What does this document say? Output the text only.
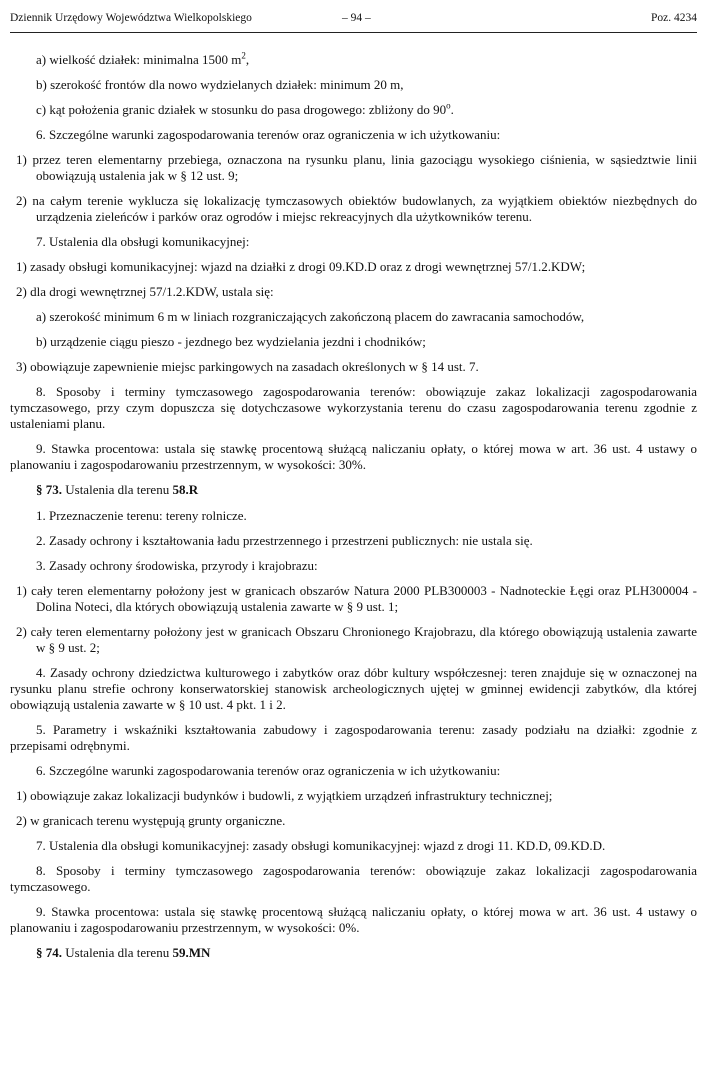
Dziennik Urzędowy Województwa Wielkopolskiego	– 94 –	Poz. 4234

a) wielkość działek: minimalna 1500 $m^2$,

b) szerokość frontów dla nowo wydzielanych działek: minimum 20 m,

c) kąt położenia granic działek w stosunku do pasa drogowego: zbliżony do 90$^o$.

6. Szczególne warunki zagospodarowania terenów oraz ograniczenia w ich użytkowaniu:

1) przez teren elementarny przebiega, oznaczona na rysunku planu, linia gazociągu wysokiego ciśnienia, w sąsiedztwie linii obowiązują ustalenia jak w § 12 ust. 9;

2) na całym terenie wyklucza się lokalizację tymczasowych obiektów budowlanych, za wyjątkiem obiektów niezbędnych do urządzenia zieleńców i parków oraz ogrodów i miejsc rekreacyjnych dla użytkowników terenu.

7. Ustalenia dla obsługi komunikacyjnej:

1) zasady obsługi komunikacyjnej: wjazd na działki z drogi 09.KD.D oraz z drogi wewnętrznej 57/1.2.KDW;

2) dla drogi wewnętrznej 57/1.2.KDW, ustala się:

a) szerokość minimum 6 m w liniach rozgraniczających zakończoną placem do zawracania samochodów,

b) urządzenie ciągu pieszo - jezdnego bez wydzielania jezdni i chodników;

3) obowiązuje zapewnienie miejsc parkingowych na zasadach określonych w § 14 ust. 7.

8. Sposoby i terminy tymczasowego zagospodarowania terenów: obowiązuje zakaz lokalizacji zagospodarowania tymczasowego, przy czym dopuszcza się dotychczasowe wykorzystania terenu do czasu zagospodarowania terenu zgodnie z ustaleniami planu.

9. Stawka procentowa: ustala się stawkę procentową służącą naliczaniu opłaty, o której mowa w art. 36 ust. 4 ustawy o planowaniu i zagospodarowaniu przestrzennym, w wysokości: 30%.

§ 73. Ustalenia dla terenu 58.R

1. Przeznaczenie terenu: tereny rolnicze.

2. Zasady ochrony i kształtowania ładu przestrzennego i przestrzeni publicznych: nie ustala się.

3. Zasady ochrony środowiska, przyrody i krajobrazu:

1) cały teren elementarny położony jest w granicach obszarów Natura 2000 PLB300003 - Nadnoteckie Łęgi oraz PLH300004 - Dolina Noteci, dla których obowiązują ustalenia zawarte w § 9 ust. 1;

2) cały teren elementarny położony jest w granicach Obszaru Chronionego Krajobrazu, dla którego obowiązują ustalenia zawarte w § 9 ust. 2;

4. Zasady ochrony dziedzictwa kulturowego i zabytków oraz dóbr kultury współczesnej: teren znajduje się w oznaczonej na rysunku planu strefie ochrony konserwatorskiej stanowisk archeologicznych ujętej w gminnej ewidencji zabytków, dla której obowiązują ustalenia zawarte w § 10 ust. 4 pkt. 1 i 2.

5. Parametry i wskaźniki kształtowania zabudowy i zagospodarowania terenu: zasady podziału na działki: zgodnie z przepisami odrębnymi.

6. Szczególne warunki zagospodarowania terenów oraz ograniczenia w ich użytkowaniu:

1) obowiązuje zakaz lokalizacji budynków i budowli, z wyjątkiem urządzeń infrastruktury technicznej;

2) w granicach terenu występują grunty organiczne.

7. Ustalenia dla obsługi komunikacyjnej: zasady obsługi komunikacyjnej: wjazd z drogi 11. KD.D, 09.KD.D.

8. Sposoby i terminy tymczasowego zagospodarowania terenów: obowiązuje zakaz lokalizacji zagospodarowania tymczasowego.

9. Stawka procentowa: ustala się stawkę procentową służącą naliczaniu opłaty, o której mowa w art. 36 ust. 4 ustawy o planowaniu i zagospodarowaniu przestrzennym, w wysokości: 0%.

§ 74. Ustalenia dla terenu 59.MN
